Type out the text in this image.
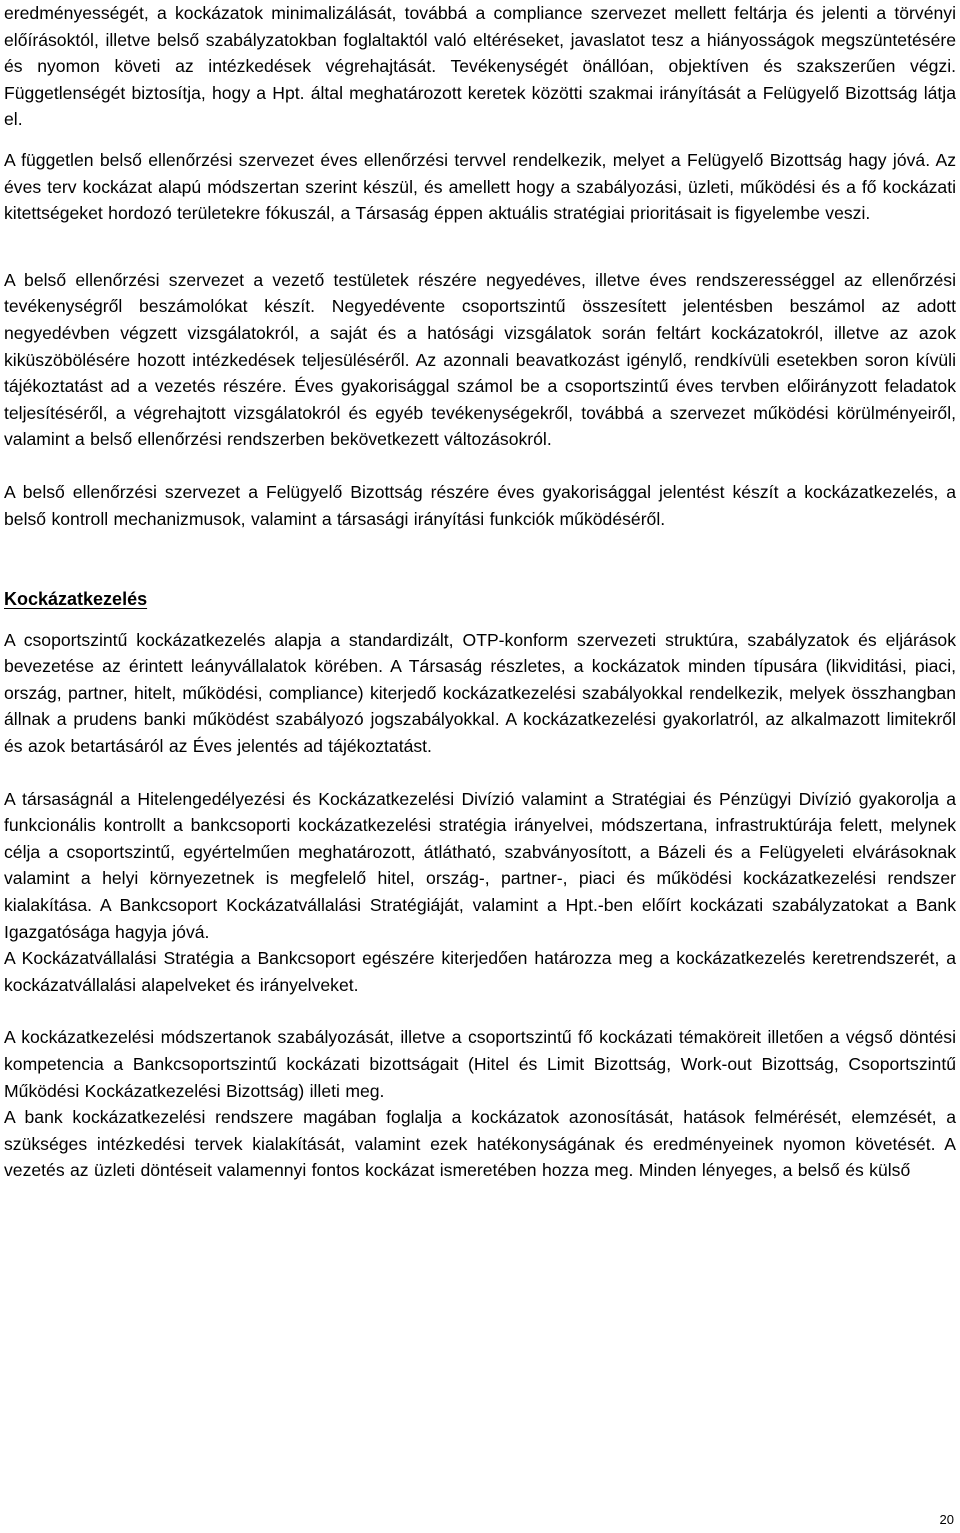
eredményességét, a kockázatok minimalizálását, továbbá a compliance szervezet mellett feltárja és jelenti a törvényi előírásoktól, illetve belső szabályzatokban foglaltaktól való eltéréseket, javaslatot tesz a hiányosságok megszüntetésére és nyomon követi az intézkedések végrehajtását. Tevékenységét önállóan, objektíven és szakszerűen végzi. Függetlenségét biztosítja, hogy a Hpt. által meghatározott keretek közötti szakmai irányítását a Felügyelő Bizottság látja el.

A független belső ellenőrzési szervezet éves ellenőrzési tervvel rendelkezik, melyet a Felügyelő Bizottság hagy jóvá. Az éves terv kockázat alapú módszertan szerint készül, és amellett hogy a szabályozási, üzleti, működési és a fő kockázati kitettségeket hordozó területekre fókuszál, a Társaság éppen aktuális stratégiai prioritásait is figyelembe veszi.

A belső ellenőrzési szervezet a vezető testületek részére negyedéves, illetve éves rendszerességgel az ellenőrzési tevékenységről beszámolókat készít. Negyedévente csoportszintű összesített jelentésben beszámol az adott negyedévben végzett vizsgálatokról, a saját és a hatósági vizsgálatok során feltárt kockázatokról, illetve az azok kiküszöbölésére hozott intézkedések teljesüléséről. Az azonnali beavatkozást igénylő, rendkívüli esetekben soron kívüli tájékoztatást ad a vezetés részére. Éves gyakorisággal számol be a csoportszintű éves tervben előirányzott feladatok teljesítéséről, a végrehajtott vizsgálatokról és egyéb tevékenységekről, továbbá a szervezet működési körülményeiről, valamint a belső ellenőrzési rendszerben bekövetkezett változásokról.

A belső ellenőrzési szervezet a Felügyelő Bizottság részére éves gyakorisággal jelentést készít a kockázatkezelés, a belső kontroll mechanizmusok, valamint a társasági irányítási funkciók működéséről.

Kockázatkezelés

A csoportszintű kockázatkezelés alapja a standardizált, OTP-konform szervezeti struktúra, szabályzatok és eljárások bevezetése az érintett leányvállalatok körében. A Társaság részletes, a kockázatok minden típusára (likviditási, piaci, ország, partner, hitelt, működési, compliance) kiterjedő kockázatkezelési szabályokkal rendelkezik, melyek összhangban állnak a prudens banki működést szabályozó jogszabályokkal. A kockázatkezelési gyakorlatról, az alkalmazott limitekről és azok betartásáról az Éves jelentés ad tájékoztatást.

A társaságnál a Hitelengedélyezési és Kockázatkezelési Divízió valamint a Stratégiai és Pénzügyi Divízió gyakorolja a funkcionális kontrollt a bankcsoporti kockázatkezelési stratégia irányelvei, módszertana, infrastruktúrája felett, melynek célja a csoportszintű, egyértelműen meghatározott, átlátható, szabványosított, a Bázeli és a Felügyeleti elvárásoknak valamint a helyi környezetnek is megfelelő hitel, ország-, partner-, piaci és működési kockázatkezelési rendszer kialakítása. A Bankcsoport Kockázatvállalási Stratégiáját, valamint a Hpt.-ben előírt kockázati szabályzatokat a Bank Igazgatósága hagyja jóvá.

A Kockázatvállalási Stratégia a Bankcsoport egészére kiterjedően határozza meg a kockázatkezelés keretrendszerét, a kockázatvállalási alapelveket és irányelveket.

A kockázatkezelési módszertanok szabályozását, illetve a csoportszintű fő kockázati témaköreit illetően a végső döntési kompetencia a Bankcsoportszintű kockázati bizottságait (Hitel és Limit Bizottság, Work-out Bizottság, Csoportszintű Működési Kockázatkezelési Bizottság) illeti meg.

A bank kockázatkezelési rendszere magában foglalja a kockázatok azonosítását, hatások felmérését, elemzését, a szükséges intézkedési tervek kialakítását, valamint ezek hatékonyságának és eredményeinek nyomon követését. A vezetés az üzleti döntéseit valamennyi fontos kockázat ismeretében hozza meg. Minden lényeges, a belső és külső

20
